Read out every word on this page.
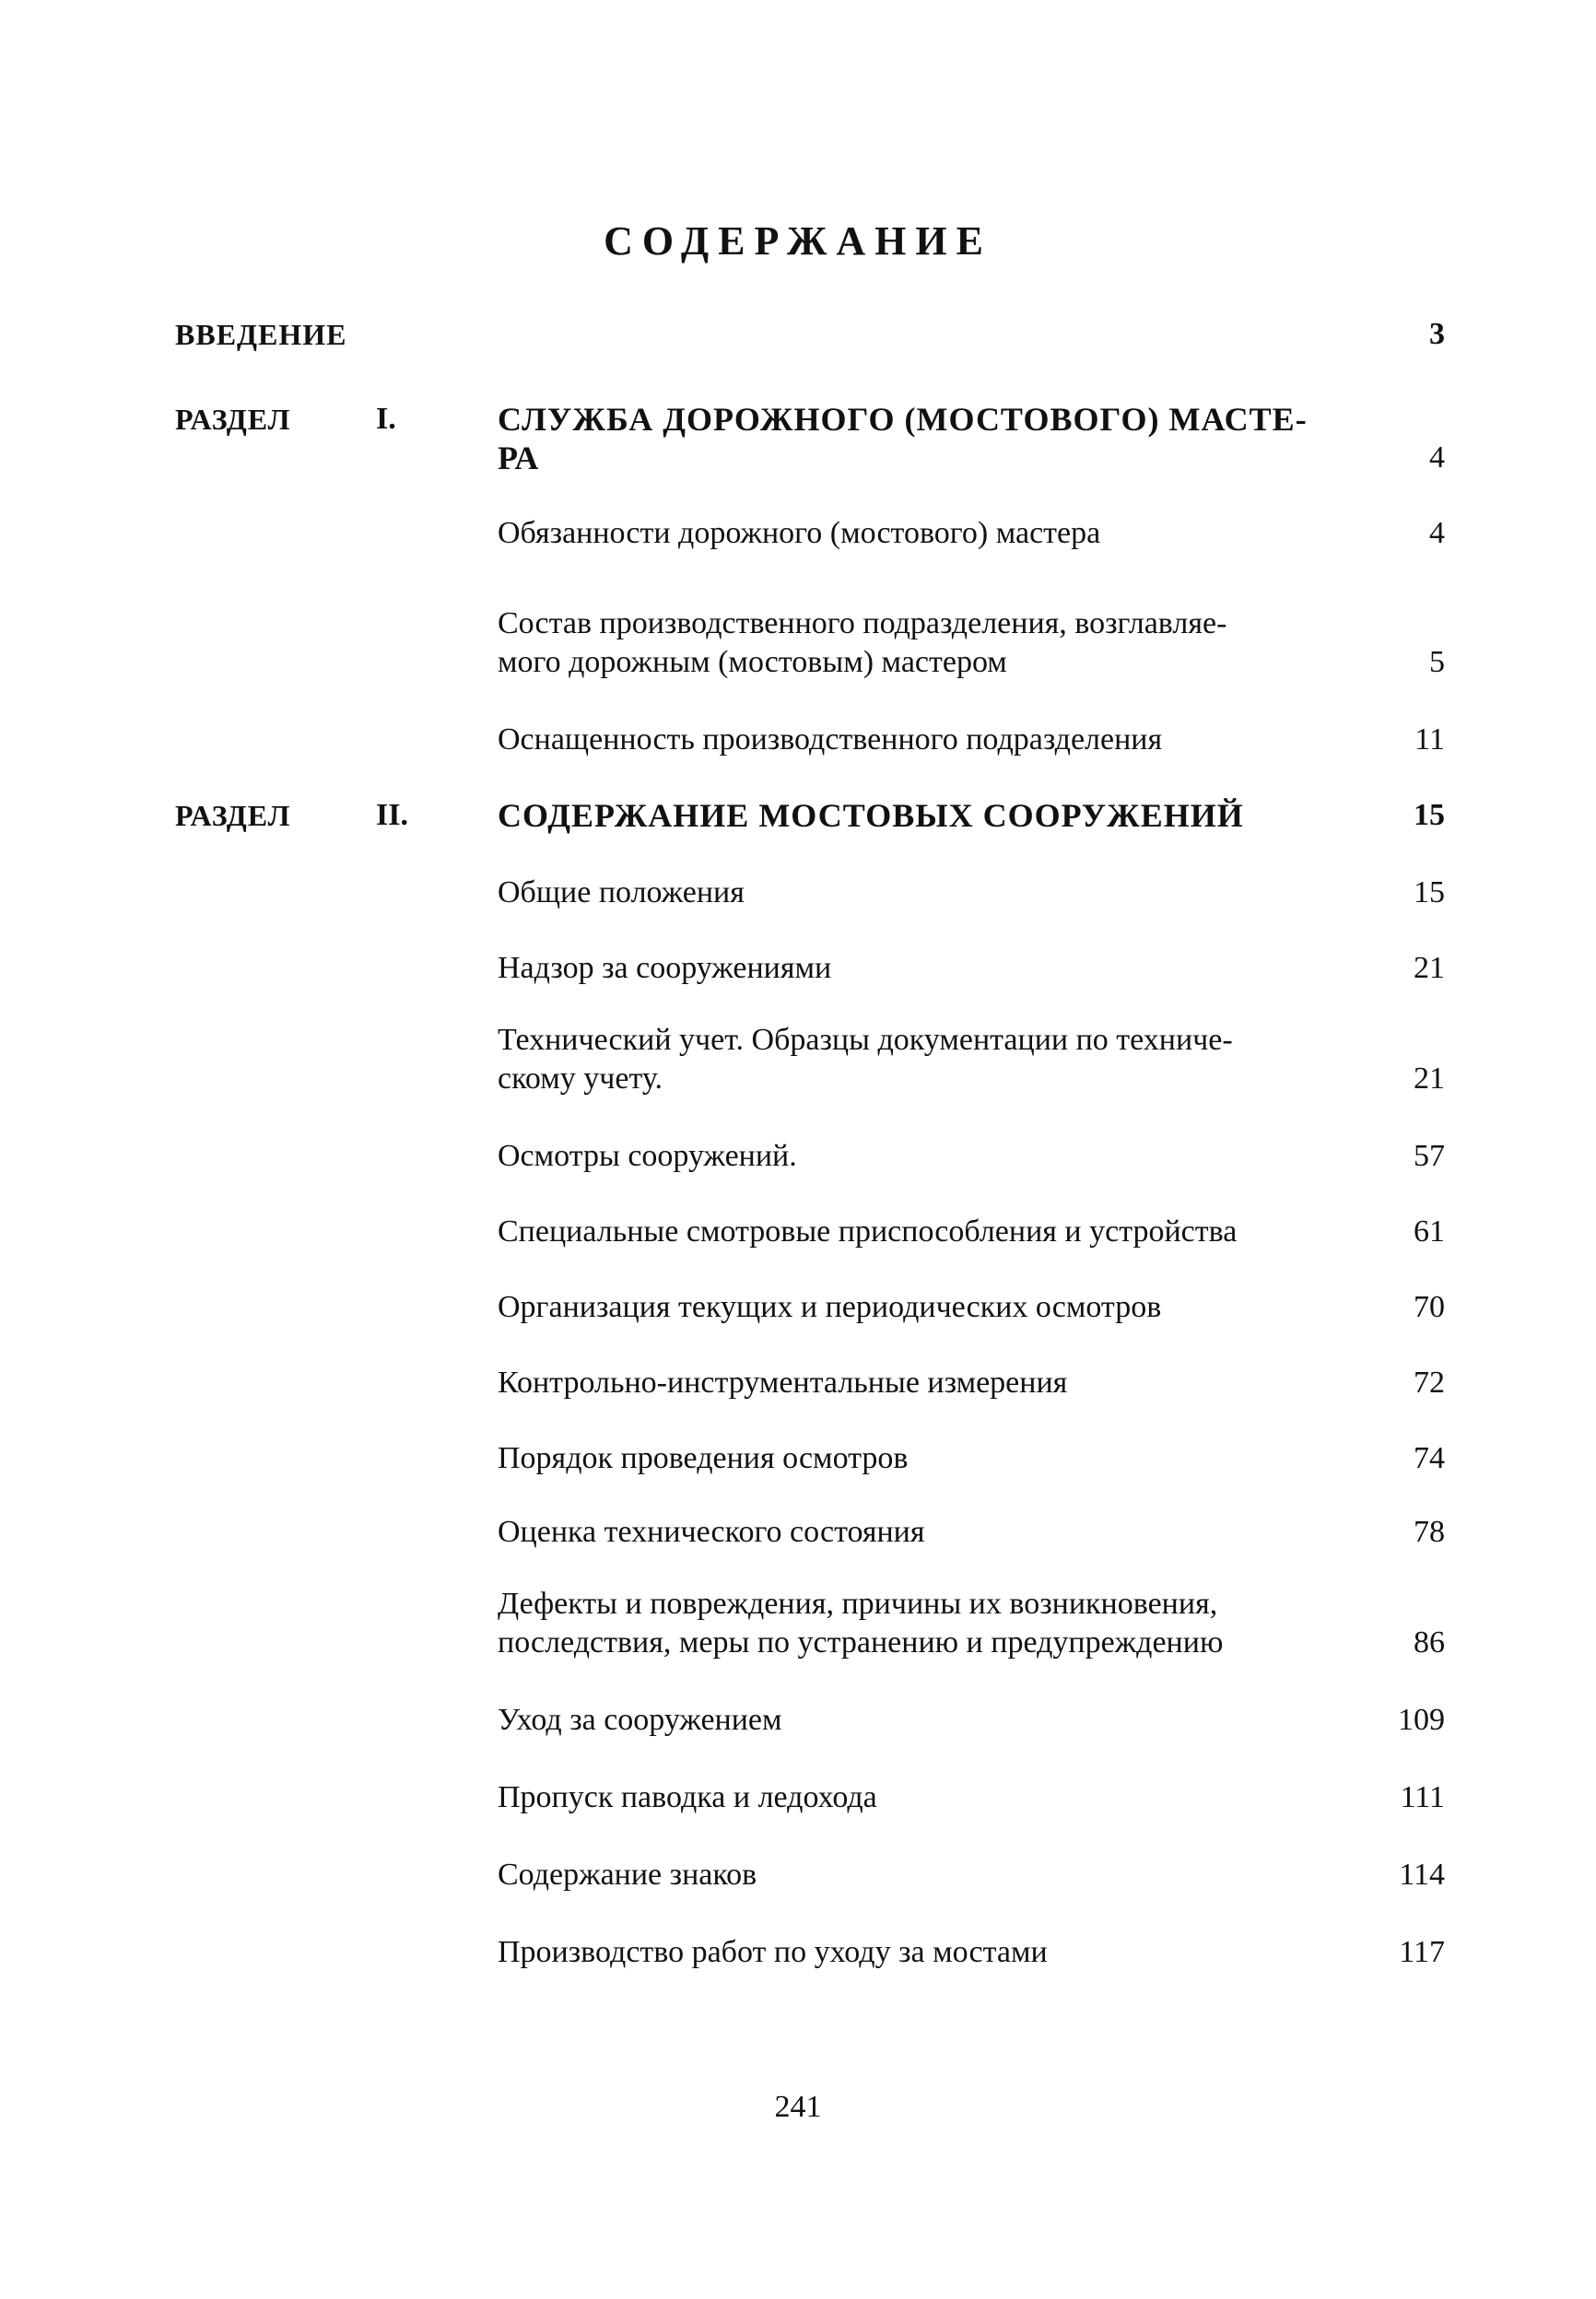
СОДЕРЖАНИЕ
ВВЕДЕНИЕ	3
РАЗДЕЛ	I.	СЛУЖБА ДОРОЖНОГО (МОСТОВОГО) МАСТЕ-
РА	4
Обязанности дорожного (мостового) мастера	4
Состав производственного подразделения, возглавляе-
мого дорожным (мостовым) мастером	5
Оснащенность производственного подразделения	11
РАЗДЕЛ	II.	СОДЕРЖАНИЕ МОСТОВЫХ СООРУЖЕНИЙ	15
Общие положения	15
Надзор за сооружениями	21
Технический учет. Образцы документации по техниче-
скому учету.	21
Осмотры сооружений.	57
Специальные смотровые приспособления и устройства	61
Организация текущих и периодических осмотров	70
Контрольно-инструментальные измерения	72
Порядок проведения осмотров	74
Оценка технического состояния	78
Дефекты и повреждения, причины их возникновения,
последствия, меры по устранению и предупреждению	86
Уход за сооружением	109
Пропуск паводка и ледохода	111
Содержание знаков	114
Производство работ по уходу за мостами	117
241
